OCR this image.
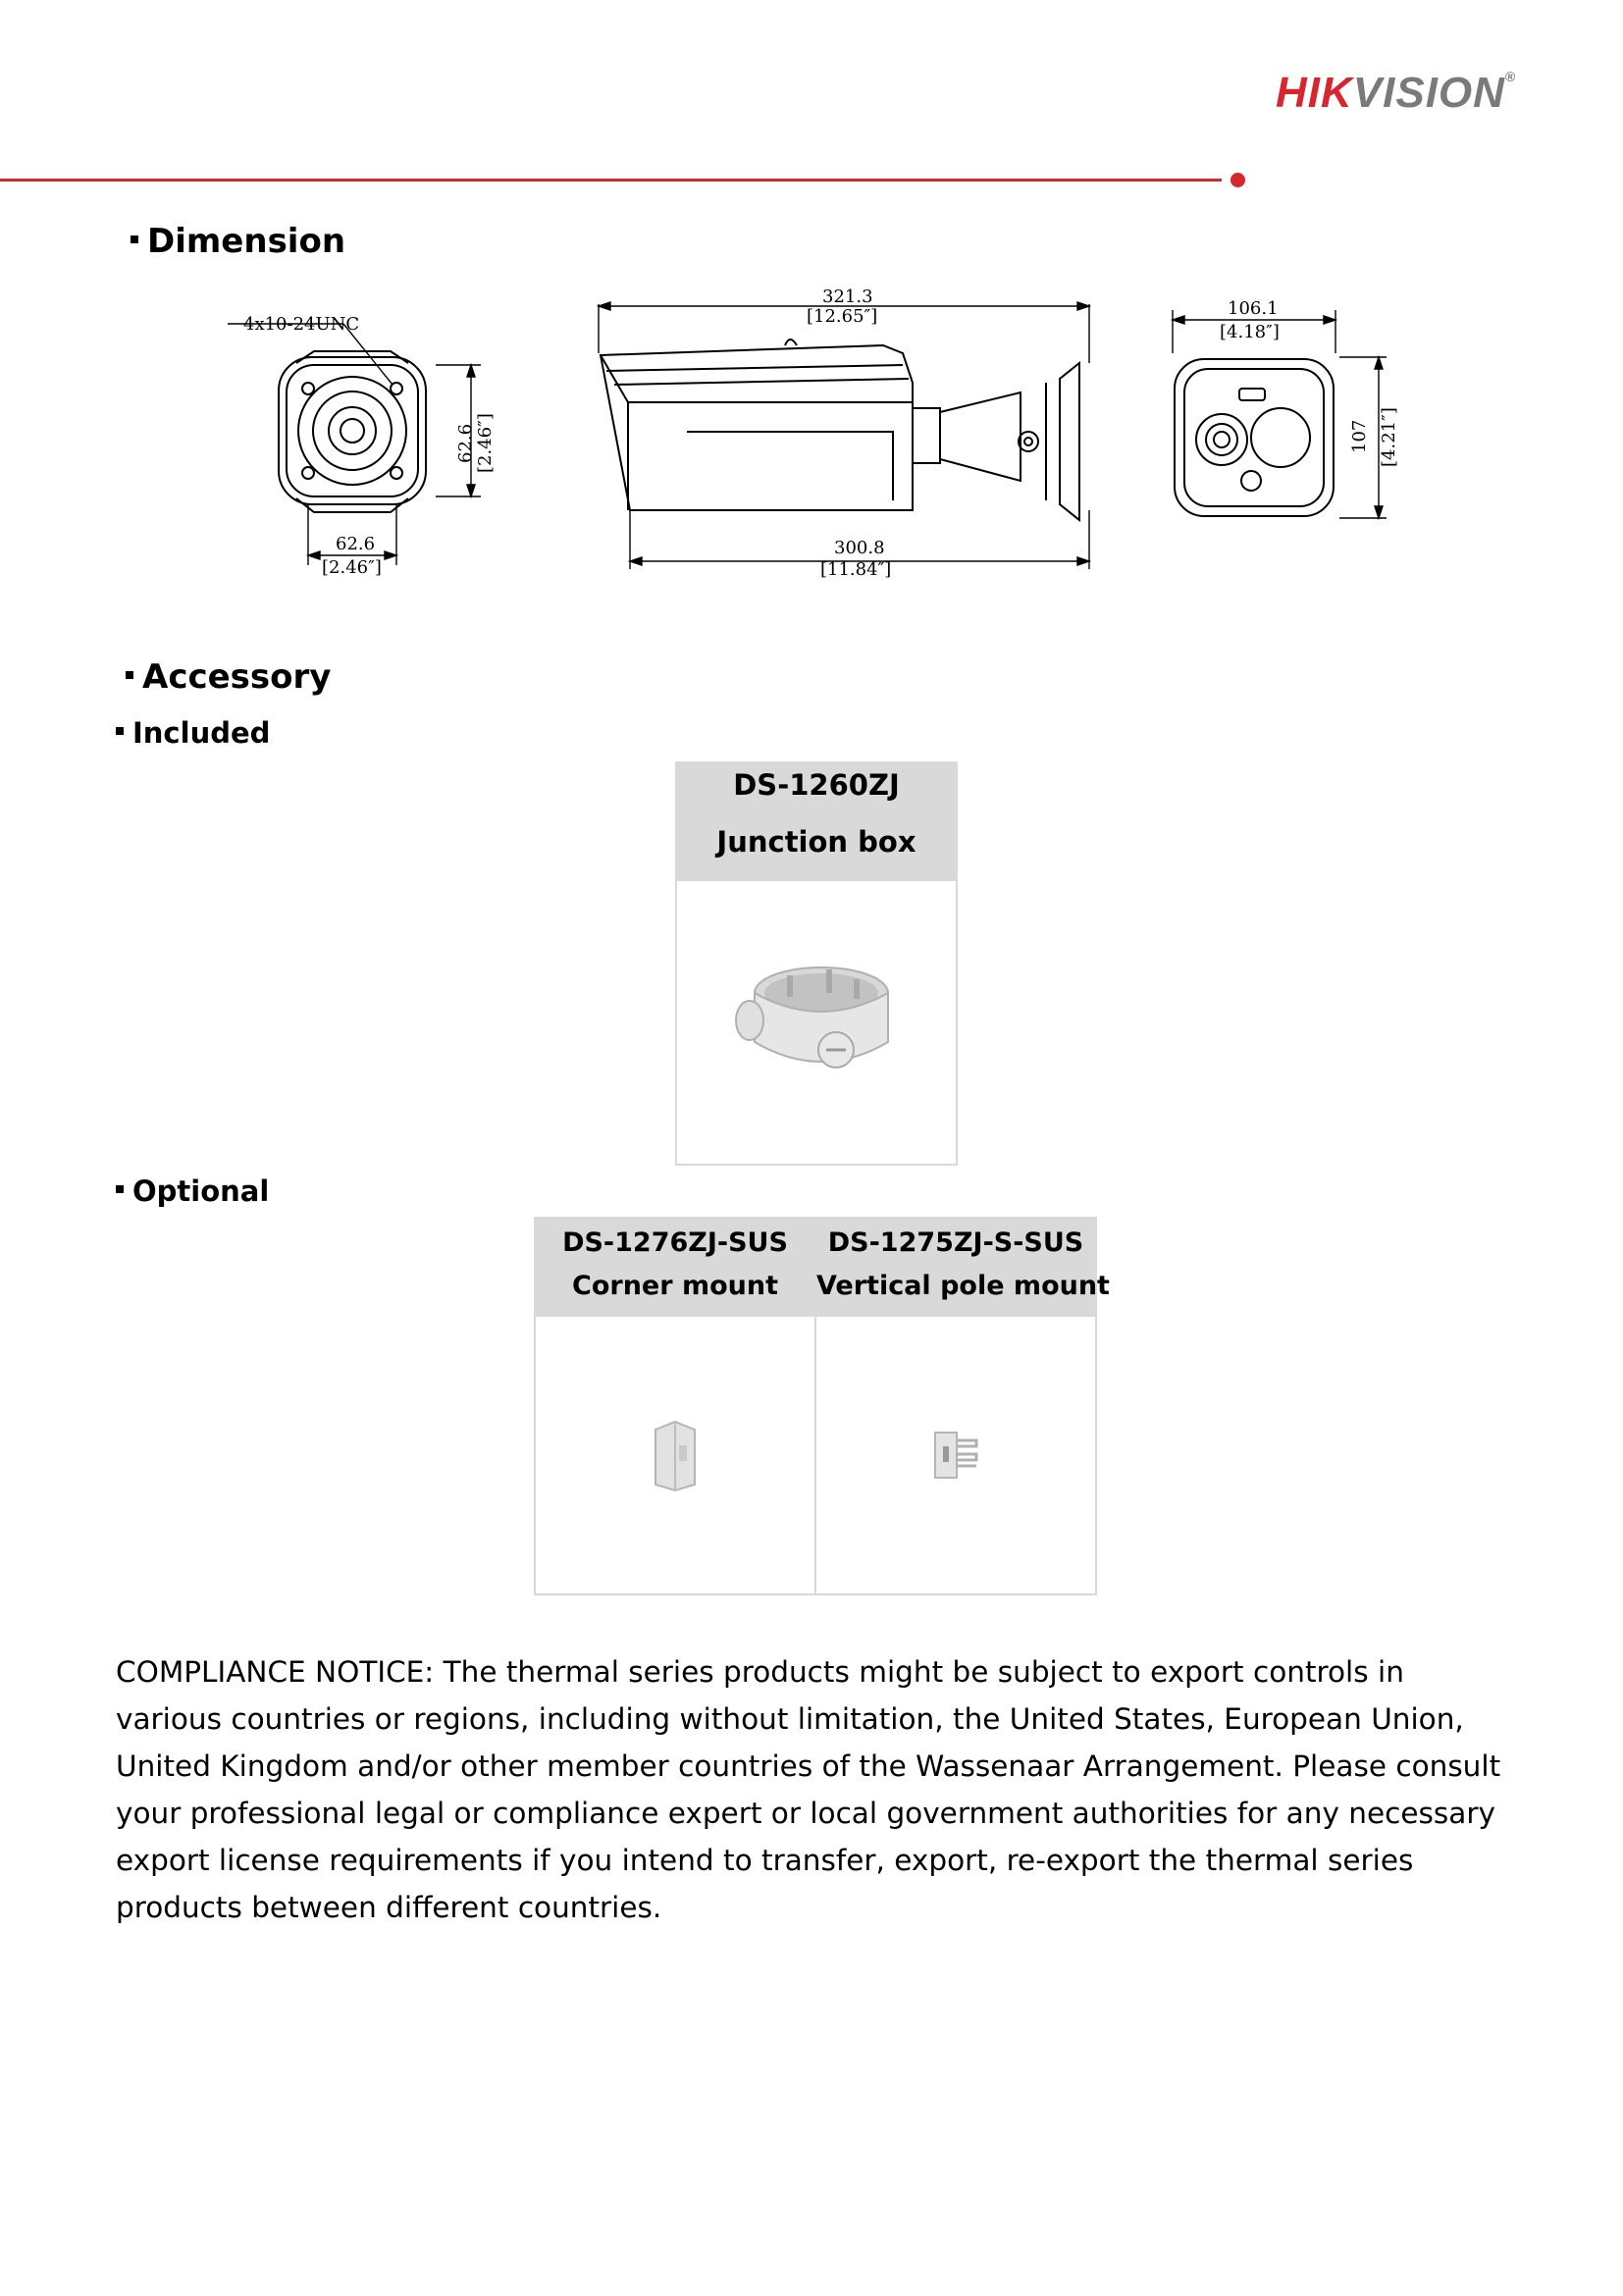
HIKVISION®
Dimension
4x10-24UNC
62.6 [2.46″]
62.6
[2.46″]
321.3
[12.65″]
300.8
[11.84″]
106.1
[4.18″]
107 [4.21″]
Accessory
Included
DS-1260ZJ
Junction box
Optional
DS-1276ZJ-SUS
Corner mount
DS-1275ZJ-S-SUS
Vertical pole mount
COMPLIANCE NOTICE: The thermal series products might be subject to export controls in various countries or regions, including without limitation, the United States, European Union, United Kingdom and/or other member countries of the Wassenaar Arrangement. Please consult your professional legal or compliance expert or local government authorities for any necessary export license requirements if you intend to transfer, export, re-export the thermal series products between different countries.
